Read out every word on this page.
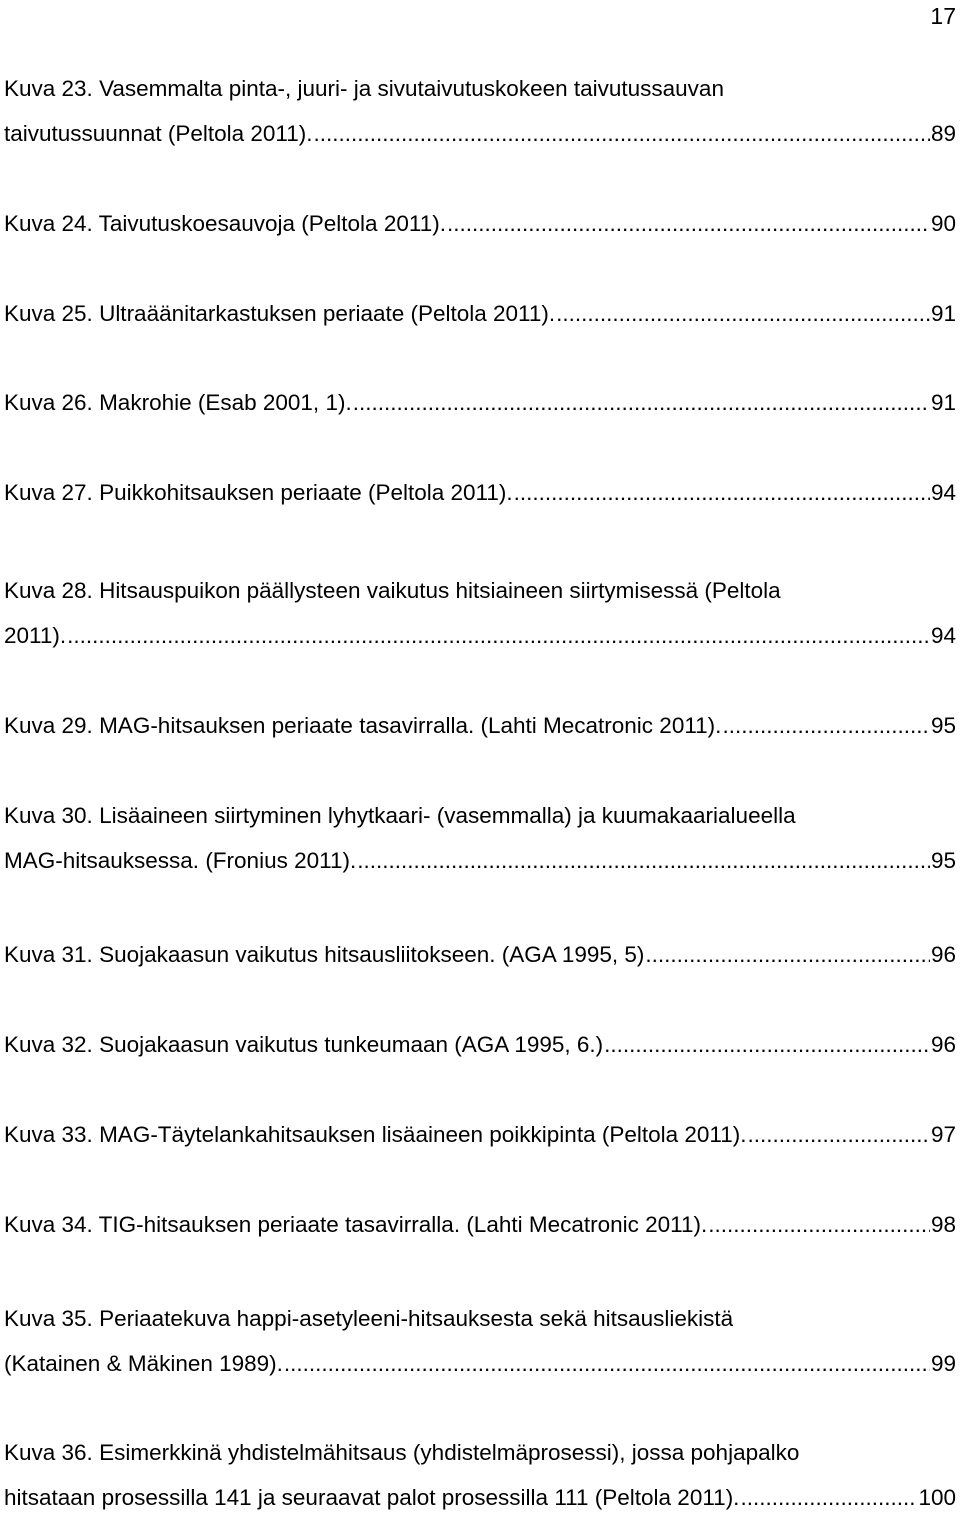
17
Kuva 23. Vasemmalta pinta-, juuri- ja sivutaivutuskokeen taivutussauvan
taivutussuunnat (Peltola 2011). .....	89
Kuva 24. Taivutuskoesauvoja (Peltola 2011). .....	90
Kuva 25. Ultraäänitarkastuksen periaate (Peltola 2011). .....	91
Kuva 26. Makrohie (Esab 2001, 1). .....	91
Kuva 27. Puikkohitsauksen periaate (Peltola 2011). .....	94
Kuva 28. Hitsauspuikon päällysteen vaikutus hitsiaineen siirtymisessä (Peltola
2011). .....	94
Kuva 29. MAG-hitsauksen periaate tasavirralla. (Lahti Mecatronic 2011). .....	95
Kuva 30. Lisäaineen siirtyminen lyhytkaari- (vasemmalla) ja kuumakaarialueella
MAG-hitsauksessa. (Fronius 2011). .....	95
Kuva 31. Suojakaasun vaikutus hitsausliitokseen. (AGA 1995, 5) .....	96
Kuva 32. Suojakaasun vaikutus tunkeumaan (AGA 1995, 6.) .....	96
Kuva 33. MAG-Täytelankahitsauksen lisäaineen poikkipinta (Peltola 2011). .....	97
Kuva 34. TIG-hitsauksen periaate tasavirralla. (Lahti Mecatronic 2011). .....	98
Kuva 35. Periaatekuva happi-asetyleeni-hitsauksesta sekä hitsausliekistä
(Katainen & Mäkinen 1989). .....	99
Kuva 36. Esimerkkinä yhdistelmähitsaus (yhdistelmäprosessi), jossa pohjapalko
hitsataan prosessilla 141 ja seuraavat palot prosessilla 111 (Peltola 2011). .....	100
